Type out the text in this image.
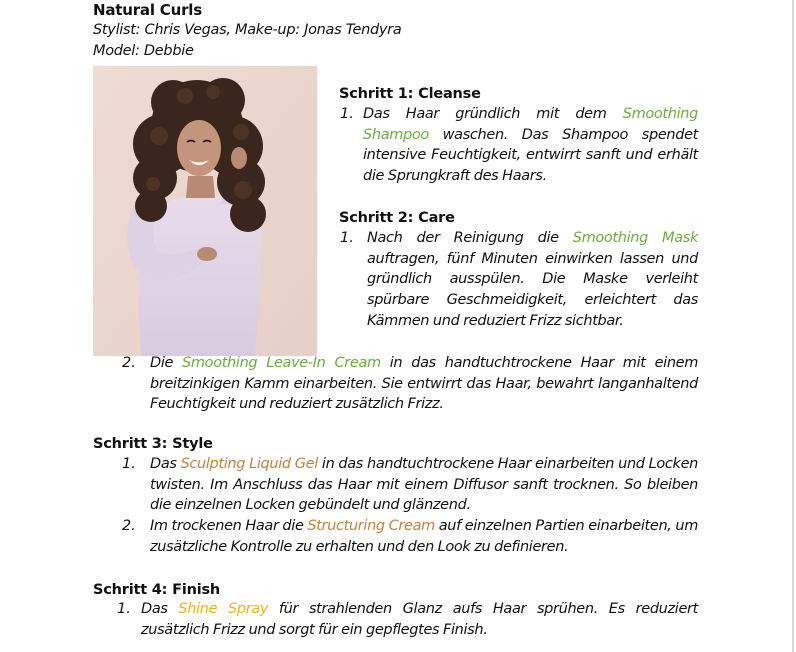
Natural Curls
Stylist: Chris Vegas, Make-up: Jonas Tendyra
Model: Debbie
Schritt 1: Cleanse
1. Das Haar gründlich mit dem Smoothing Shampoo waschen. Das Shampoo spendet intensive Feuchtigkeit, entwirrt sanft und erhält die Sprungkraft des Haars.
Schritt 2: Care
1. Nach der Reinigung die Smoothing Mask auftragen, fünf Minuten einwirken lassen und gründlich ausspülen. Die Maske verleiht spürbare Geschmeidigkeit, erleichtert das Kämmen und reduziert Frizz sichtbar.
2. Die Smoothing Leave-In Cream in das handtuchtrockene Haar mit einem breitzinkigen Kamm einarbeiten. Sie entwirrt das Haar, bewahrt langanhaltend Feuchtigkeit und reduziert zusätzlich Frizz.
Schritt 3: Style
1. Das Sculpting Liquid Gel in das handtuchtrockene Haar einarbeiten und Locken twisten. Im Anschluss das Haar mit einem Diffusor sanft trocknen. So bleiben die einzelnen Locken gebündelt und glänzend.
2. Im trockenen Haar die Structuring Cream auf einzelnen Partien einarbeiten, um zusätzliche Kontrolle zu erhalten und den Look zu definieren.
Schritt 4: Finish
1. Das Shine Spray für strahlenden Glanz aufs Haar sprühen. Es reduziert zusätzlich Frizz und sorgt für ein gepflegtes Finish.
